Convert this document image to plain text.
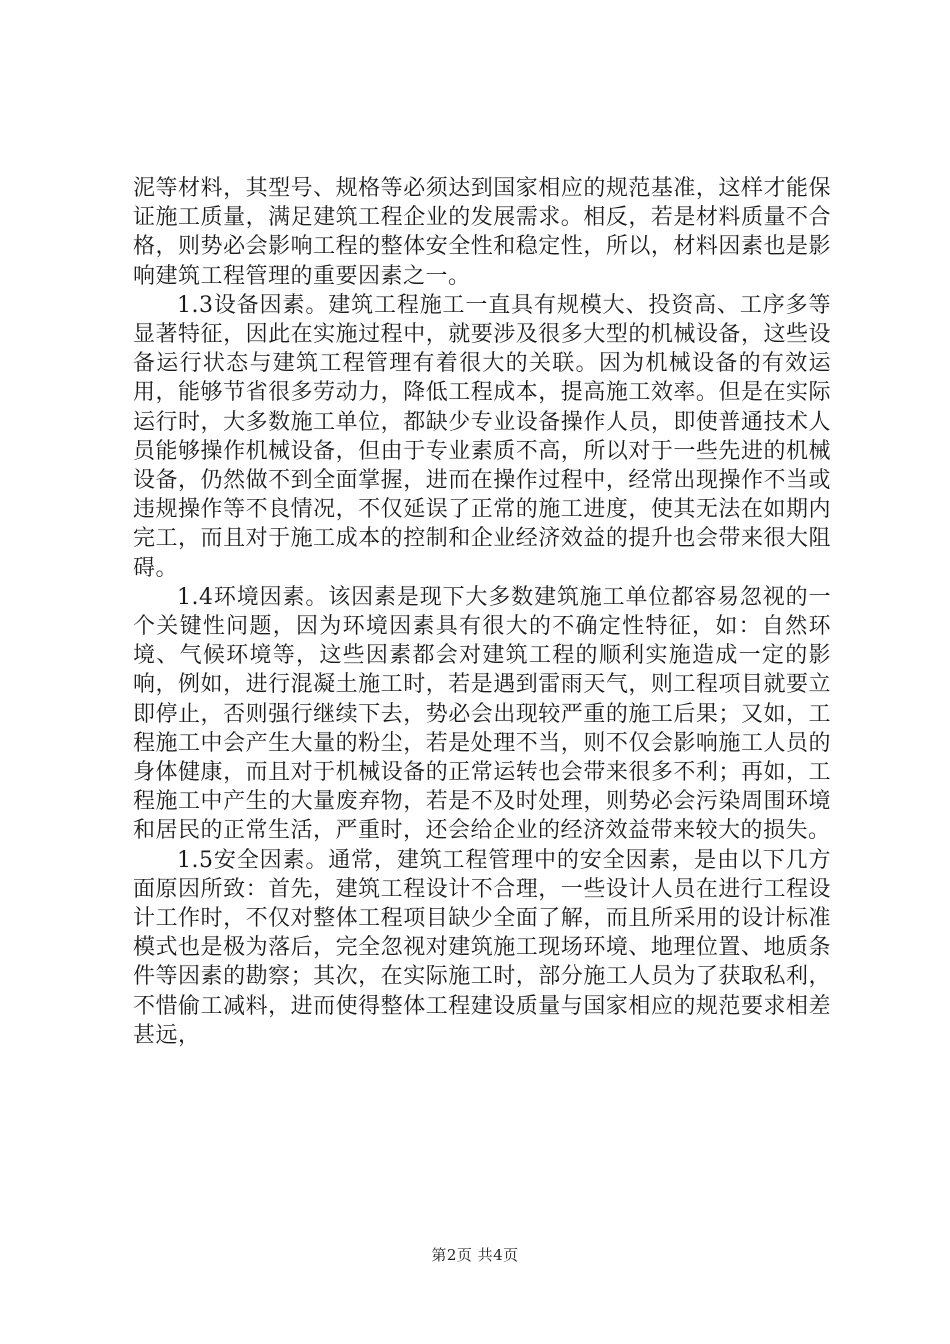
泥等材料，其型号、规格等必须达到国家相应的规范基准，这样才能保证施工质量，满足建筑工程企业的发展需求。相反，若是材料质量不合格，则势必会影响工程的整体安全性和稳定性，所以，材料因素也是影响建筑工程管理的重要因素之一。

1.3设备因素。建筑工程施工一直具有规模大、投资高、工序多等显著特征，因此在实施过程中，就要涉及很多大型的机械设备，这些设备运行状态与建筑工程管理有着很大的关联。因为机械设备的有效运用，能够节省很多劳动力，降低工程成本，提高施工效率。但是在实际运行时，大多数施工单位，都缺少专业设备操作人员，即使普通技术人员能够操作机械设备，但由于专业素质不高，所以对于一些先进的机械设备，仍然做不到全面掌握，进而在操作过程中，经常出现操作不当或违规操作等不良情况，不仅延误了正常的施工进度，使其无法在如期内完工，而且对于施工成本的控制和企业经济效益的提升也会带来很大阻碍。

1.4环境因素。该因素是现下大多数建筑施工单位都容易忽视的一个关键性问题，因为环境因素具有很大的不确定性特征，如：自然环境、气候环境等，这些因素都会对建筑工程的顺利实施造成一定的影响，例如，进行混凝土施工时，若是遇到雷雨天气，则工程项目就要立即停止，否则强行继续下去，势必会出现较严重的施工后果；又如，工程施工中会产生大量的粉尘，若是处理不当，则不仅会影响施工人员的身体健康，而且对于机械设备的正常运转也会带来很多不利；再如，工程施工中产生的大量废弃物，若是不及时处理，则势必会污染周围环境和居民的正常生活，严重时，还会给企业的经济效益带来较大的损失。

1.5安全因素。通常，建筑工程管理中的安全因素，是由以下几方面原因所致：首先，建筑工程设计不合理，一些设计人员在进行工程设计工作时，不仅对整体工程项目缺少全面了解，而且所采用的设计标准模式也是极为落后，完全忽视对建筑施工现场环境、地理位置、地质条件等因素的勘察；其次，在实际施工时，部分施工人员为了获取私利，不惜偷工减料，进而使得整体工程建设质量与国家相应的规范要求相差甚远，

第2页 共4页
